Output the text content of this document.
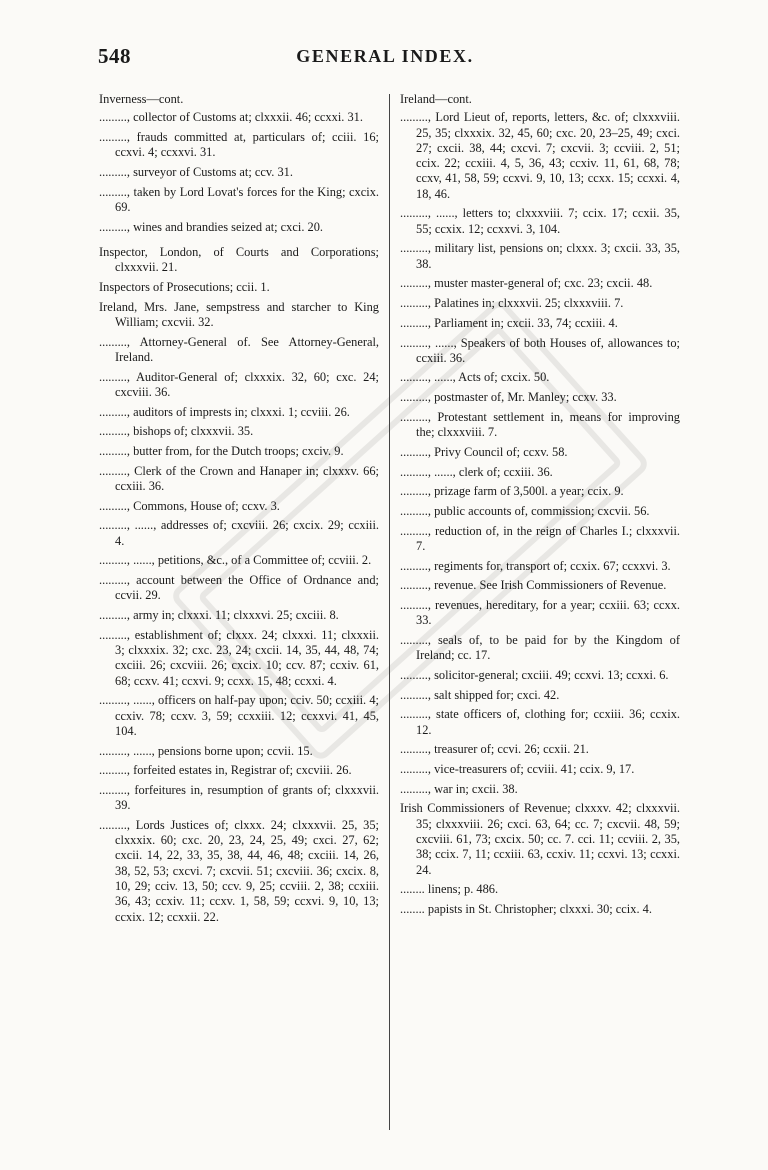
548	GENERAL INDEX.
Inverness—cont.
........., collector of Customs at; clxxxii. 46; ccxxi. 31.
........., frauds committed at, particulars of; cciii. 16; ccxvi. 4; ccxxvi. 31.
........., surveyor of Customs at; ccv. 31.
........., taken by Lord Lovat's forces for the King; cxcix. 69.
........., wines and brandies seized at; cxci. 20.
Inspector, London, of Courts and Corporations; clxxxvii. 21.
Inspectors of Prosecutions; ccii. 1.
Ireland, Mrs. Jane, sempstress and starcher to King William; cxcvii. 32.
........., Attorney-General of. See Attorney-General, Ireland.
........., Auditor-General of; clxxxix. 32, 60; cxc. 24; cxcviii. 36.
........., auditors of imprests in; clxxxi. 1; ccviii. 26.
........., bishops of; clxxxvii. 35.
........., butter from, for the Dutch troops; cxciv. 9.
........., Clerk of the Crown and Hanaper in; clxxxv. 66; ccxiii. 36.
........., Commons, House of; ccxv. 3.
........., ......, addresses of; cxcviii. 26; cxcix. 29; ccxiii. 4.
........., ......, petitions, &c., of a Committee of; ccviii. 2.
........., account between the Office of Ordnance and; ccvii. 29.
........., army in; clxxxi. 11; clxxxvi. 25; cxciii. 8.
........., establishment of; clxxx. 24; clxxxi. 11; clxxxii. 3; clxxxix. 32; cxc. 23, 24; cxcii. 14, 35, 44, 48, 74; cxciii. 26; cxcviii. 26; cxcix. 10; ccv. 87; ccxiv. 61, 68; ccxv. 41; ccxvi. 9; ccxx. 15, 48; ccxxi. 4.
........., ......, officers on half-pay upon; cciv. 50; ccxiii. 4; ccxiv. 78; ccxv. 3, 59; ccxxiii. 12; ccxxvi. 41, 45, 104.
........., ......, pensions borne upon; ccvii. 15.
........., forfeited estates in, Registrar of; cxcviii. 26.
........., forfeitures in, resumption of grants of; clxxxvii. 39.
........., Lords Justices of; clxxx. 24; clxxxvii. 25, 35; clxxxix. 60; cxc. 20, 23, 24, 25, 49; cxci. 27, 62; cxcii. 14, 22, 33, 35, 38, 44, 46, 48; cxciii. 14, 26, 38, 52, 53; cxcvi. 7; cxcvii. 51; cxcviii. 36; cxcix. 8, 10, 29; cciv. 13, 50; ccv. 9, 25; ccviii. 2, 38; ccxiii. 36, 43; ccxiv. 11; ccxv. 1, 58, 59; ccxvi. 9, 10, 13; ccxix. 12; ccxxii. 22.
Ireland—cont.
........., Lord Lieut of, reports, letters, &c. of; clxxxviii. 25, 35; clxxxix. 32, 45, 60; cxc. 20, 23–25, 49; cxci. 27; cxcii. 38, 44; cxcvi. 7; cxcvii. 3; ccviii. 2, 51; ccix. 22; ccxiii. 4, 5, 36, 43; ccxiv. 11, 61, 68, 78; ccxv, 41, 58, 59; ccxvi. 9, 10, 13; ccxx. 15; ccxxi. 4, 18, 46.
........., ......, letters to; clxxxviii. 7; ccix. 17; ccxii. 35, 55; ccxix. 12; ccxxvi. 3, 104.
........., military list, pensions on; clxxx. 3; cxcii. 33, 35, 38.
........., muster master-general of; cxc. 23; cxcii. 48.
........., Palatines in; clxxxvii. 25; clxxxviii. 7.
........., Parliament in; cxcii. 33, 74; ccxiii. 4.
........., ......, Speakers of both Houses of, allowances to; ccxiii. 36.
........., ......, Acts of; cxcix. 50.
........., postmaster of, Mr. Manley; ccxv. 33.
........., Protestant settlement in, means for improving the; clxxxviii. 7.
........., Privy Council of; ccxv. 58.
........., ......, clerk of; ccxiii. 36.
........., prizage farm of 3,500l. a year; ccix. 9.
........., public accounts of, commission; cxcvii. 56.
........., reduction of, in the reign of Charles I.; clxxxvii. 7.
........., regiments for, transport of; ccxix. 67; ccxxvi. 3.
........., revenue. See Irish Commissioners of Revenue.
........., revenues, hereditary, for a year; ccxiii. 63; ccxx. 33.
........., seals of, to be paid for by the Kingdom of Ireland; cc. 17.
........., solicitor-general; cxciii. 49; ccxvi. 13; ccxxi. 6.
........., salt shipped for; cxci. 42.
........., state officers of, clothing for; ccxiii. 36; ccxix. 12.
........., treasurer of; ccvi. 26; ccxii. 21.
........., vice-treasurers of; ccviii. 41; ccix. 9, 17.
........., war in; cxcii. 38.
Irish Commissioners of Revenue; clxxxv. 42; clxxxvii. 35; clxxxviii. 26; cxci. 63, 64; cc. 7; cxcvii. 48, 59; cxcviii. 61, 73; cxcix. 50; cc. 7. cci. 11; ccviii. 2, 35, 38; ccix. 7, 11; ccxiii. 63, ccxiv. 11; ccxvi. 13; ccxxi. 24.
........ linens; p. 486.
........ papists in St. Christopher; clxxxi. 30; ccix. 4.
